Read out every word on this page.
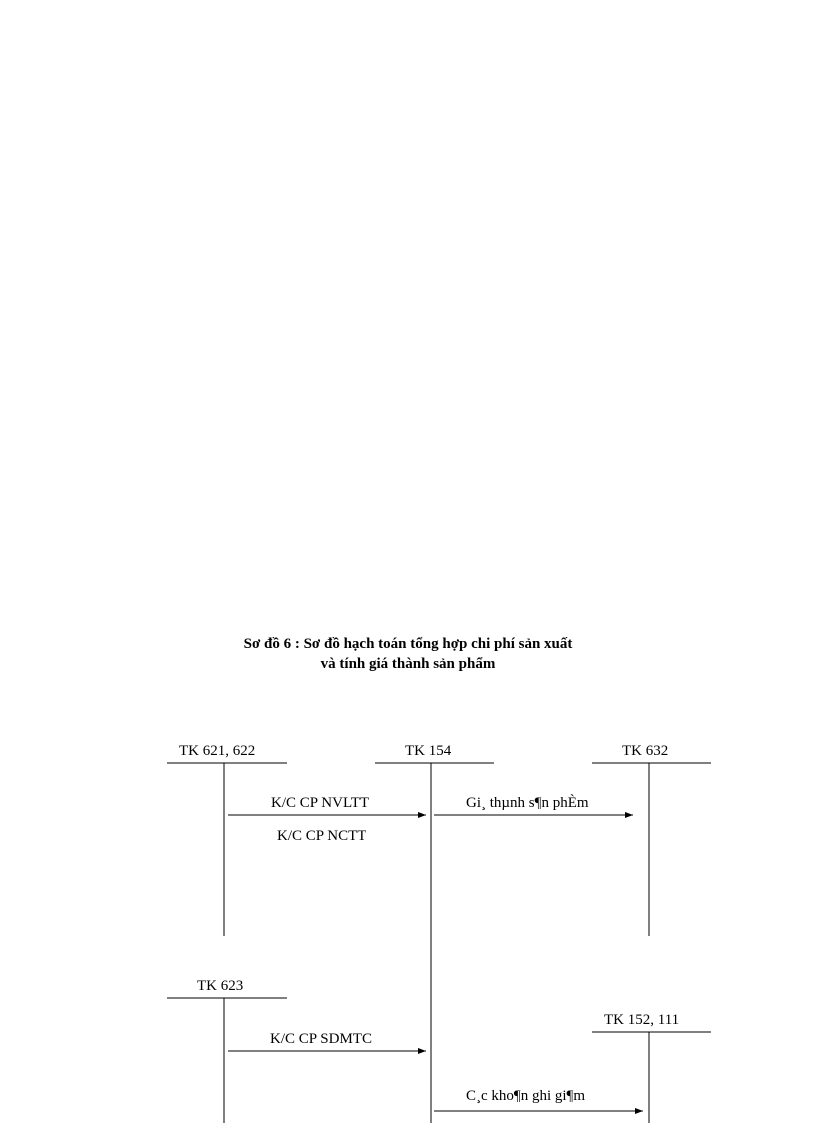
Sơ đồ 6 : Sơ đồ hạch toán tổng hợp chi phí sản xuất
và tính giá thành sản phẩm
TK 621, 622	TK 154	TK 632
TK 623
TK 152, 111
K/C CP NVLTT
K/C CP NCTT
Gi¸ thµnh s¶n phÈm
K/C CP SDMTC
C¸c kho¶n ghi gi¶m
